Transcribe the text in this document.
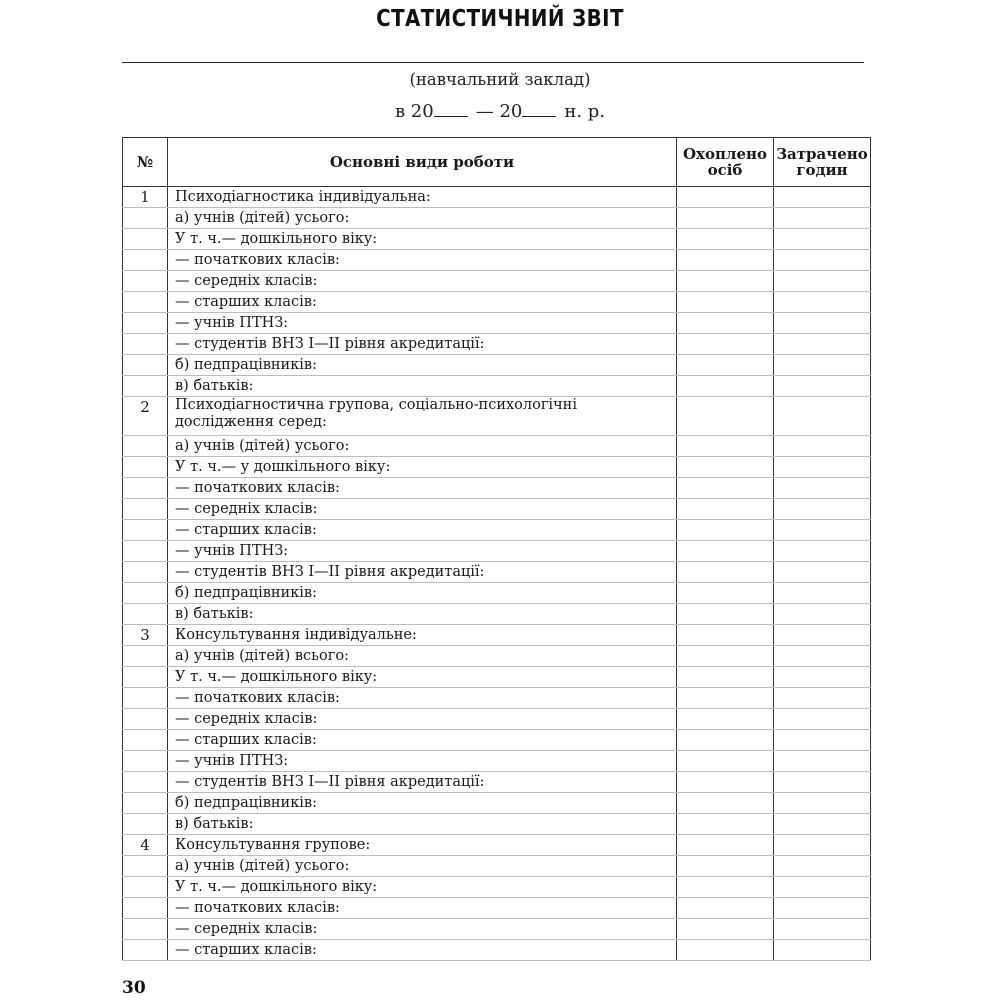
СТАТИСТИЧНИЙ ЗВІТ
(навчальний заклад)
в 20 — 20 н. р.
№	Основні види роботи	Охоплено осіб	Затрачено годин
1	Психодіагностика індивідуальна:		
	а) учнів (дітей) усього:		
	У т. ч.— дошкільного віку:		
	— початкових класів:		
	— середніх класів:		
	— старших класів:		
	— учнів ПТНЗ:		
	— студентів ВНЗ І—ІІ рівня акредитації:		
	б) педпрацівників:		
	в) батьків:		
2	Психодіагностична групова, соціально-психологічні дослідження серед:		
	а) учнів (дітей) усього:		
	У т. ч.— у дошкільного віку:		
	— початкових класів:		
	— середніх класів:		
	— старших класів:		
	— учнів ПТНЗ:		
	— студентів ВНЗ І—ІІ рівня акредитації:		
	б) педпрацівників:		
	в) батьків:		
3	Консультування індивідуальне:		
	а) учнів (дітей) всього:		
	У т. ч.— дошкільного віку:		
	— початкових класів:		
	— середніх класів:		
	— старших класів:		
	— учнів ПТНЗ:		
	— студентів ВНЗ І—ІІ рівня акредитації:		
	б) педпрацівників:		
	в) батьків:		
4	Консультування групове:		
	а) учнів (дітей) усього:		
	У т. ч.— дошкільного віку:		
	— початкових класів:		
	— середніх класів:		
	— старших класів:		
30
